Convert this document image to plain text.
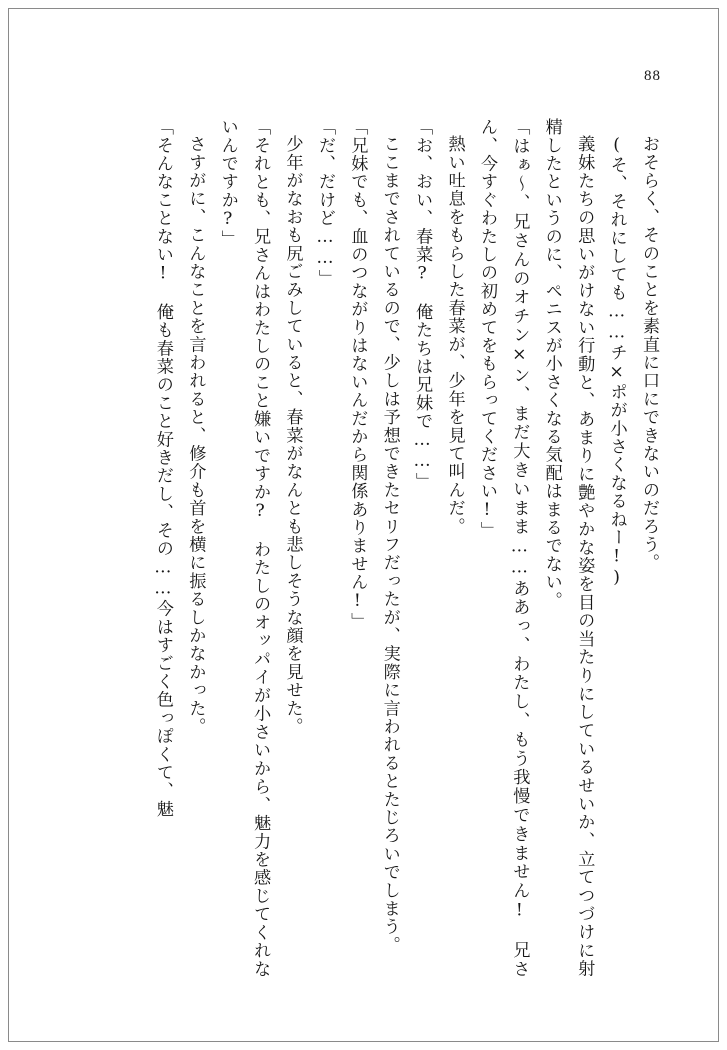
88

おそらく、そのことを素直に口にできないのだろう。

(そ、それにしても……チ×ポが小さくなるねー!)

義妹たちの思いがけない行動と、あまりに艶やかな姿を目の当たりにしているせいか、立てつづけに射精したというのに、ペニスが小さくなる気配はまるでない。

「はぁ〜、兄さんのオチン×ン、まだ大きいまま……ああっ、わたし、もう我慢できません!　兄さん、今すぐわたしの初めてをもらってください!」

熱い吐息をもらした春菜が、少年を見て叫んだ。

「お、おい、春菜?　俺たちは兄妹で……」

ここまでされているので、少しは予想できたセリフだったが、実際に言われるとたじろいでしまう。

「兄妹でも、血のつながりはないんだから関係ありません!」

「だ、だけど……」

少年がなおも尻ごみしていると、春菜がなんとも悲しそうな顔を見せた。

「それとも、兄さんはわたしのこと嫌いですか?　わたしのオッパイが小さいから、魅力を感じてくれないんですか?」

さすがに、こんなことを言われると、修介も首を横に振るしかなかった。

「そんなことない!　俺も春菜のこと好きだし、その……今はすごく色っぽくて、魅
